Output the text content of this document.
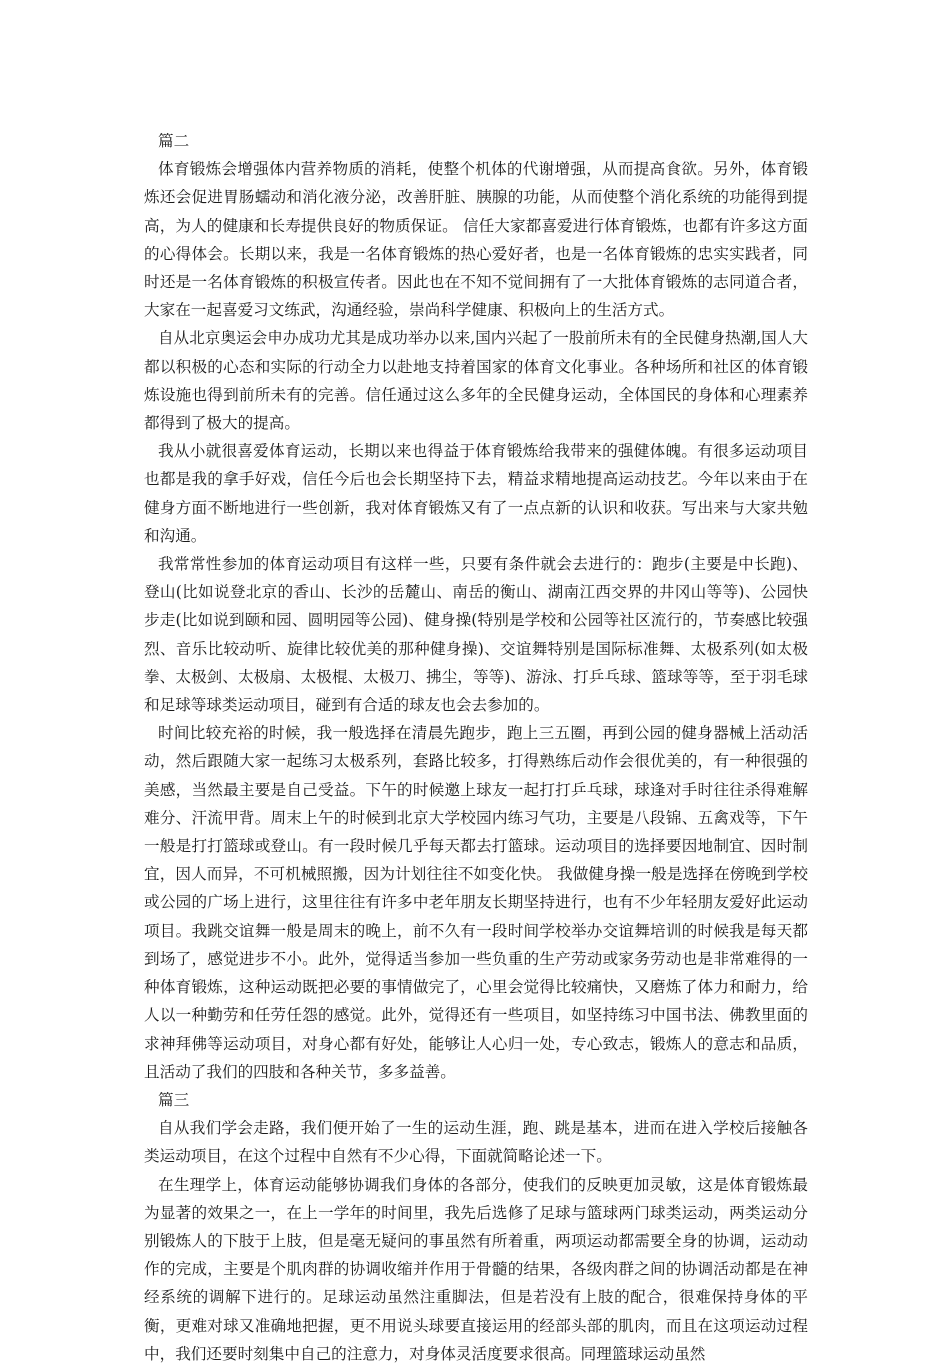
篇二
体育锻炼会增强体内营养物质的消耗，使整个机体的代谢增强，从而提高食欲。另外，体育锻炼还会促进胃肠蠕动和消化液分泌，改善肝脏、胰腺的功能，从而使整个消化系统的功能得到提高，为人的健康和长寿提供良好的物质保证。 信任大家都喜爱进行体育锻炼，也都有许多这方面的心得体会。长期以来，我是一名体育锻炼的热心爱好者，也是一名体育锻炼的忠实实践者，同时还是一名体育锻炼的积极宣传者。因此也在不知不觉间拥有了一大批体育锻炼的志同道合者，大家在一起喜爱习文练武，沟通经验，崇尚科学健康、积极向上的生活方式。
自从北京奥运会申办成功尤其是成功举办以来,国内兴起了一股前所未有的全民健身热潮,国人大都以积极的心态和实际的行动全力以赴地支持着国家的体育文化事业。各种场所和社区的体育锻炼设施也得到前所未有的完善。信任通过这么多年的全民健身运动，全体国民的身体和心理素养都得到了极大的提高。
我从小就很喜爱体育运动，长期以来也得益于体育锻炼给我带来的强健体魄。有很多运动项目也都是我的拿手好戏，信任今后也会长期坚持下去，精益求精地提高运动技艺。今年以来由于在健身方面不断地进行一些创新，我对体育锻炼又有了一点点新的认识和收获。写出来与大家共勉和沟通。
我常常性参加的体育运动项目有这样一些，只要有条件就会去进行的：跑步(主要是中长跑)、登山(比如说登北京的香山、长沙的岳麓山、南岳的衡山、湖南江西交界的井冈山等等)、公园快步走(比如说到颐和园、圆明园等公园)、健身操(特别是学校和公园等社区流行的，节奏感比较强烈、音乐比较动听、旋律比较优美的那种健身操)、交谊舞特别是国际标准舞、太极系列(如太极拳、太极剑、太极扇、太极棍、太极刀、拂尘，等等)、游泳、打乒乓球、篮球等等，至于羽毛球和足球等球类运动项目，碰到有合适的球友也会去参加的。
时间比较充裕的时候，我一般选择在清晨先跑步，跑上三五圈，再到公园的健身器械上活动活动，然后跟随大家一起练习太极系列，套路比较多，打得熟练后动作会很优美的，有一种很强的美感，当然最主要是自己受益。下午的时候邀上球友一起打打乒乓球，球逢对手时往往杀得难解难分、汗流甲背。周末上午的时候到北京大学校园内练习气功，主要是八段锦、五禽戏等，下午一般是打打篮球或登山。有一段时候几乎每天都去打篮球。运动项目的选择要因地制宜、因时制宜，因人而异，不可机械照搬，因为计划往往不如变化快。 我做健身操一般是选择在傍晚到学校或公园的广场上进行，这里往往有许多中老年朋友长期坚持进行，也有不少年轻朋友爱好此运动项目。我跳交谊舞一般是周末的晚上，前不久有一段时间学校举办交谊舞培训的时候我是每天都到场了，感觉进步不小。此外，觉得适当参加一些负重的生产劳动或家务劳动也是非常难得的一种体育锻炼，这种运动既把必要的事情做完了，心里会觉得比较痛快，又磨炼了体力和耐力，给人以一种勤劳和任劳任怨的感觉。此外，觉得还有一些项目，如坚持练习中国书法、佛教里面的求神拜佛等运动项目，对身心都有好处，能够让人心归一处，专心致志，锻炼人的意志和品质，且活动了我们的四肢和各种关节，多多益善。
篇三
自从我们学会走路，我们便开始了一生的运动生涯，跑、跳是基本，进而在进入学校后接触各类运动项目，在这个过程中自然有不少心得，下面就简略论述一下。
在生理学上，体育运动能够协调我们身体的各部分，使我们的反映更加灵敏，这是体育锻炼最为显著的效果之一，在上一学年的时间里，我先后选修了足球与篮球两门球类运动，两类运动分别锻炼人的下肢于上肢，但是毫无疑问的事虽然有所着重，两项运动都需要全身的协调，运动动作的完成，主要是个肌肉群的协调收缩并作用于骨髓的结果，各级肉群之间的协调活动都是在神经系统的调解下进行的。足球运动虽然注重脚法，但是若没有上肢的配合，很难保持身体的平衡，更难对球又准确地把握，更不用说头球要直接运用的经部头部的肌肉，而且在这项运动过程中，我们还要时刻集中自己的注意力，对身体灵活度要求很高。同理篮球运动虽然
